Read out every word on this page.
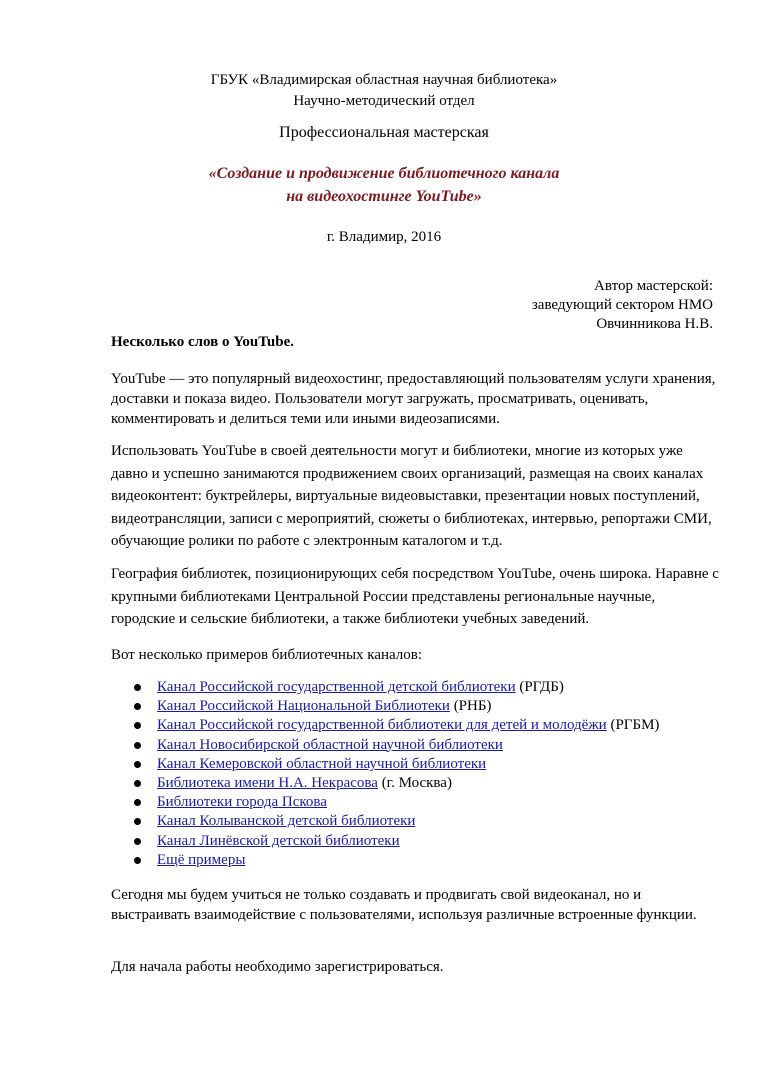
ГБУК «Владимирская областная научная библиотека»
Научно-методический отдел
Профессиональная мастерская
«Создание и продвижение библиотечного канала
на видеохостинге YouTube»
г. Владимир, 2016
Автор мастерской:
заведующий сектором НМО
Овчинникова Н.В.
Несколько слов о YouTube.
YouTube — это популярный видеохостинг, предоставляющий пользователям услуги хранения, доставки и показа видео. Пользователи могут загружать, просматривать, оценивать, комментировать и делиться теми или иными видеозаписями.
Использовать YouTube в своей деятельности могут и библиотеки, многие из которых уже давно и успешно занимаются продвижением своих организаций, размещая на своих каналах видеоконтент: буктрейлеры, виртуальные видеовыставки, презентации новых поступлений, видеотрансляции, записи с мероприятий, сюжеты о библиотеках, интервью, репортажи СМИ, обучающие ролики по работе с электронным каталогом и т.д.
География библиотек, позиционирующих себя посредством YouTube, очень широка. Наравне с крупными библиотеками Центральной России представлены региональные научные, городские и сельские библиотеки, а также библиотеки учебных заведений.
Вот несколько примеров библиотечных каналов:
Канал Российской государственной детской библиотеки (РГДБ)
Канал Российской Национальной Библиотеки (РНБ)
Канал Российской государственной библиотеки для детей и молодёжи (РГБМ)
Канал Новосибирской областной научной библиотеки
Канал Кемеровской областной научной библиотеки
Библиотека имени Н.А. Некрасова (г. Москва)
Библиотеки города Пскова
Канал Колыванской детской библиотеки
Канал Линёвской детской библиотеки
Ещё примеры
Сегодня мы будем учиться не только создавать и продвигать свой видеоканал, но и выстраивать взаимодействие с пользователями, используя различные встроенные функции.
Для начала работы необходимо зарегистрироваться.
